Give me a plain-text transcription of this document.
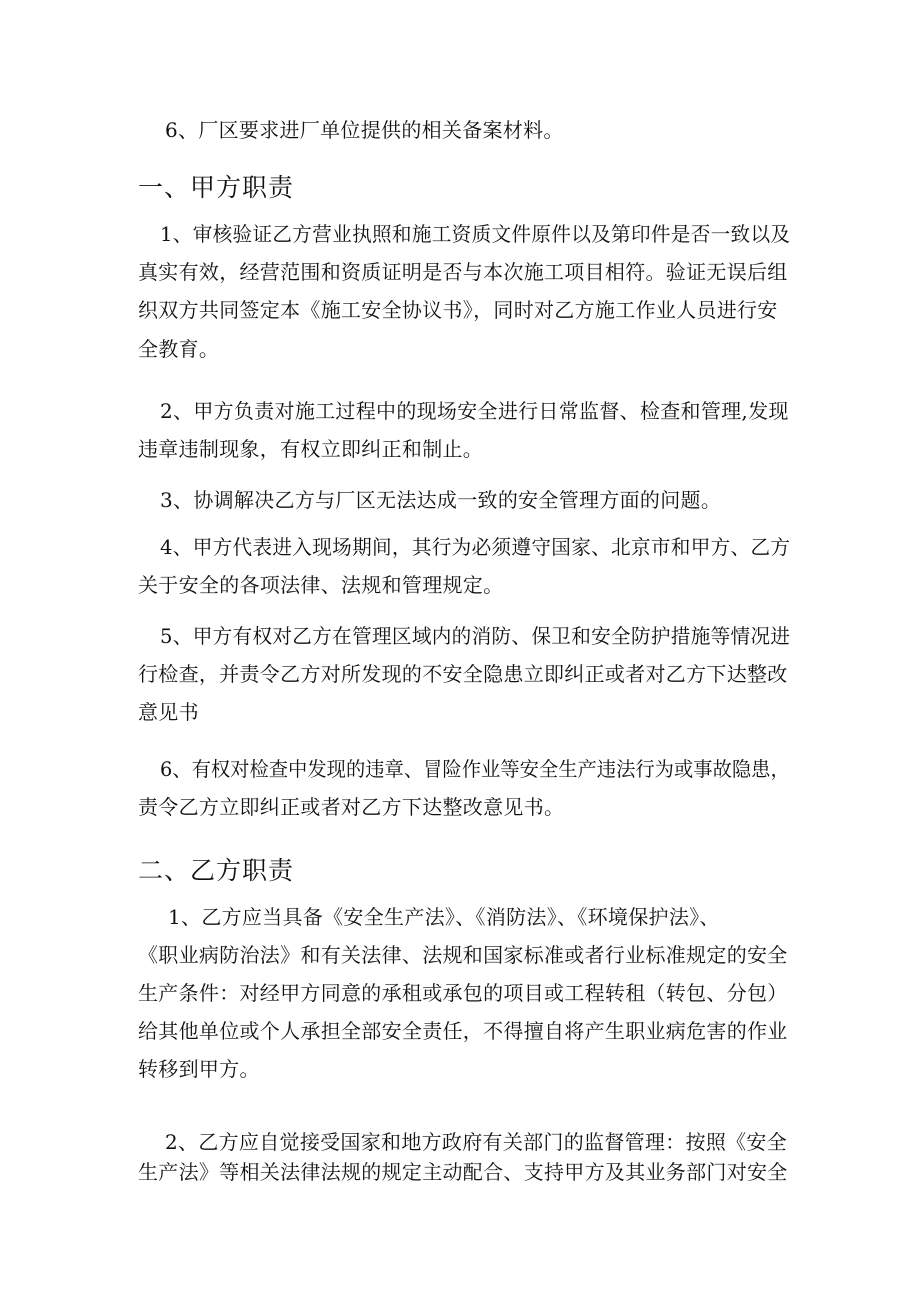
6、厂区要求进厂单位提供的相关备案材料。
一、甲方职责
1、审核验证乙方营业执照和施工资质文件原件以及第印件是否一致以及
真实有效，经营范围和资质证明是否与本次施工项目相符。验证无误后组
织双方共同签定本《施工安全协议书》，同时对乙方施工作业人员进行安
全教育。
2、甲方负责对施工过程中的现场安全进行日常监督、检查和管理,发现
违章违制现象，有权立即纠正和制止。
3、协调解决乙方与厂区无法达成一致的安全管理方面的问题。
4、甲方代表进入现场期间，其行为必须遵守国家、北京市和甲方、乙方
关于安全的各项法律、法规和管理规定。
5、甲方有权对乙方在管理区域内的消防、保卫和安全防护措施等情况进
行检查，并责令乙方对所发现的不安全隐患立即纠正或者对乙方下达整改
意见书
6、有权对检查中发现的违章、冒险作业等安全生产违法行为或事故隐患，
责令乙方立即纠正或者对乙方下达整改意见书。
二、乙方职责
1、乙方应当具备《安全生产法》、《消防法》、《环境保护法》、
《职业病防治法》和有关法律、法规和国家标准或者行业标准规定的安全
生产条件：对经甲方同意的承租或承包的项目或工程转租（转包、分包）
给其他单位或个人承担全部安全责任，不得擅自将产生职业病危害的作业
转移到甲方。
2、乙方应自觉接受国家和地方政府有关部门的监督管理：按照《安全
生产法》等相关法律法规的规定主动配合、支持甲方及其业务部门对安全
